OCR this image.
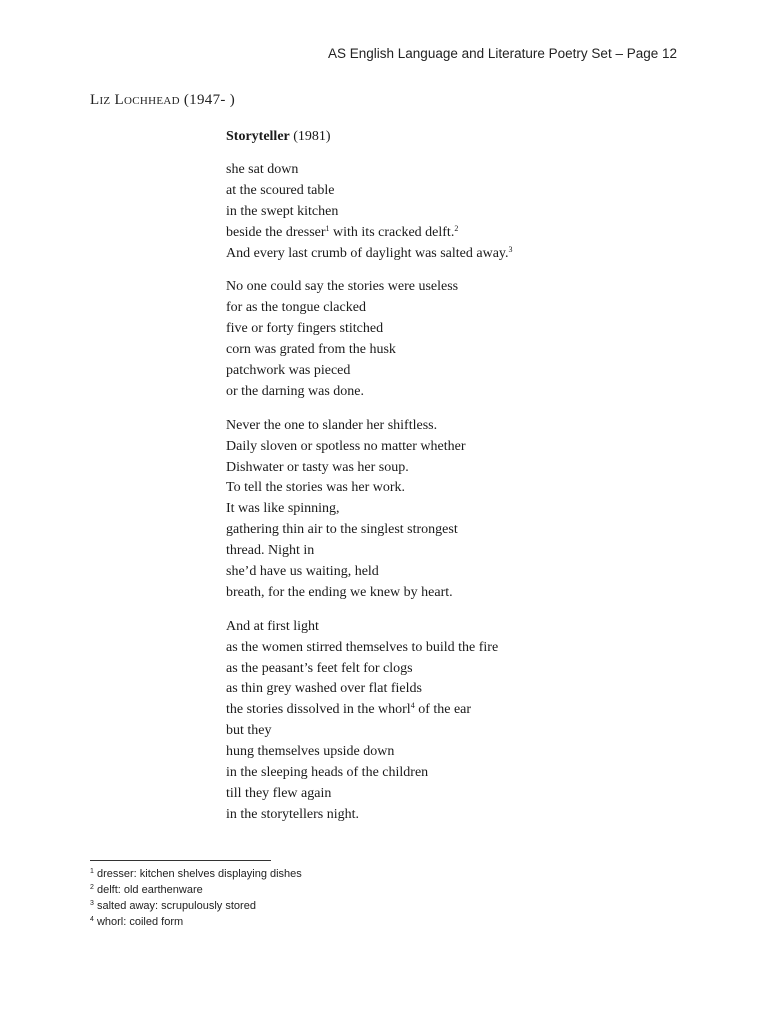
AS English Language and Literature Poetry Set – Page 12
Liz Lochhead (1947- )
Storyteller (1981)
she sat down
at the scoured table
in the swept kitchen
beside the dresser$^1$ with its cracked delft.$^2$
And every last crumb of daylight was salted away.$^3$
No one could say the stories were useless
for as the tongue clacked
five or forty fingers stitched
corn was grated from the husk
patchwork was pieced
or the darning was done.
Never the one to slander her shiftless.
Daily sloven or spotless no matter whether
Dishwater or tasty was her soup.
To tell the stories was her work.
It was like spinning,
gathering thin air to the singlest strongest
thread. Night in
she’d have us waiting, held
breath, for the ending we knew by heart.
And at first light
as the women stirred themselves to build the fire
as the peasant’s feet felt for clogs
as thin grey washed over flat fields
the stories dissolved in the whorl$^4$ of the ear
but they
hung themselves upside down
in the sleeping heads of the children
till they flew again
in the storytellers night.
$^1$ dresser: kitchen shelves displaying dishes
$^2$ delft: old earthenware
$^3$ salted away: scrupulously stored
$^4$ whorl: coiled form
